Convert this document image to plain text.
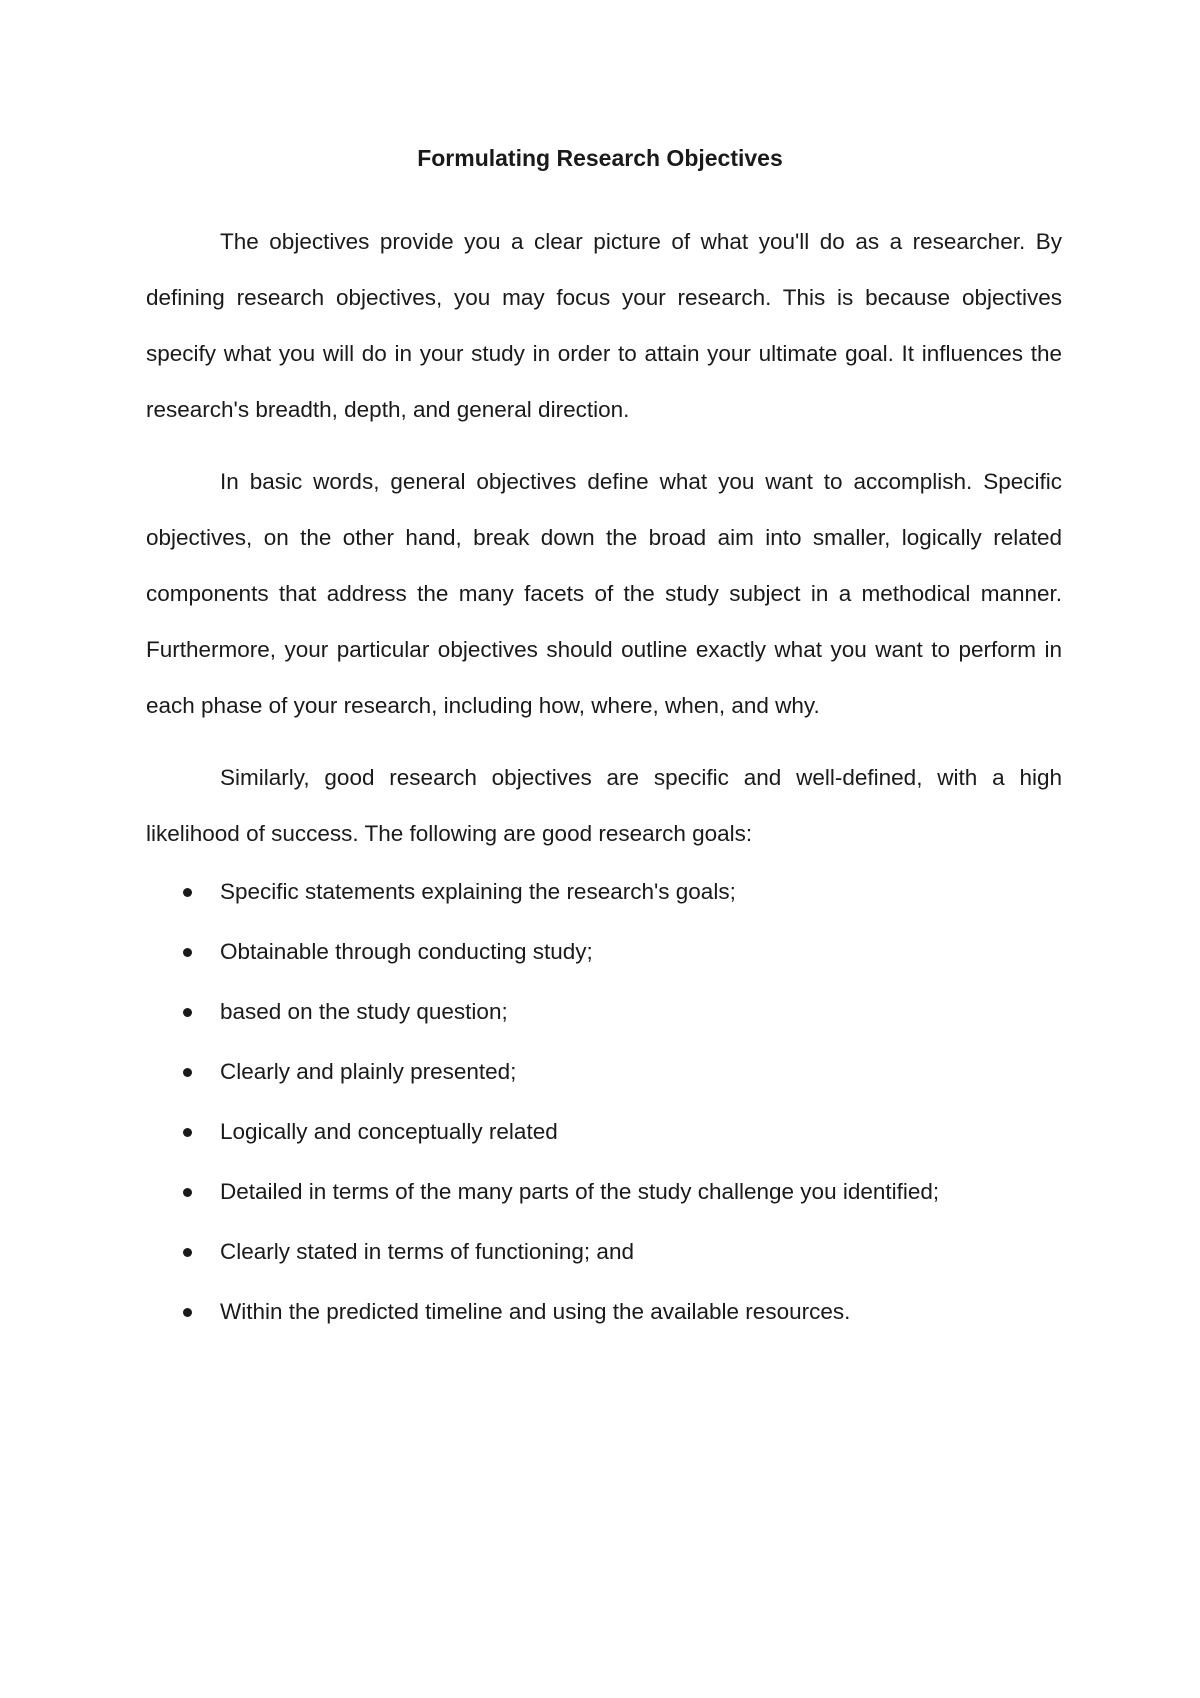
Formulating Research Objectives

The objectives provide you a clear picture of what you'll do as a researcher. By defining research objectives, you may focus your research. This is because objectives specify what you will do in your study in order to attain your ultimate goal. It influences the research's breadth, depth, and general direction.

In basic words, general objectives define what you want to accomplish. Specific objectives, on the other hand, break down the broad aim into smaller, logically related components that address the many facets of the study subject in a methodical manner. Furthermore, your particular objectives should outline exactly what you want to perform in each phase of your research, including how, where, when, and why.

Similarly, good research objectives are specific and well-defined, with a high likelihood of success. The following are good research goals:

Specific statements explaining the research's goals;
Obtainable through conducting study;
based on the study question;
Clearly and plainly presented;
Logically and conceptually related
Detailed in terms of the many parts of the study challenge you identified;
Clearly stated in terms of functioning; and
Within the predicted timeline and using the available resources.
